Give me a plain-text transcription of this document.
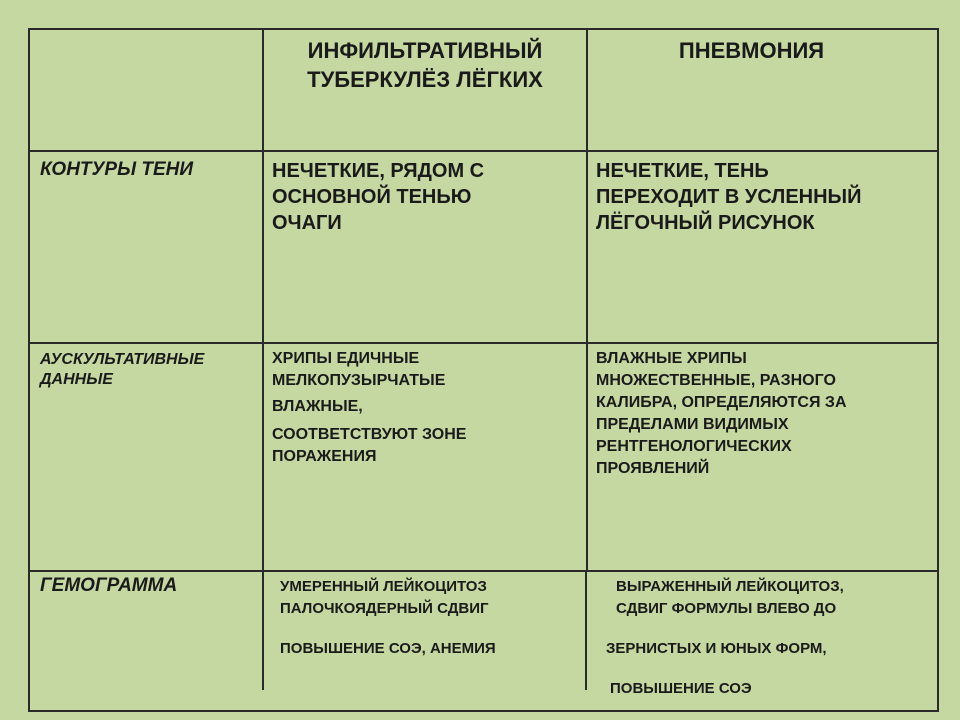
ИНФИЛЬТРАТИВНЫЙ
ТУБЕРКУЛЁЗ ЛЁГКИХ
ПНЕВМОНИЯ
КОНТУРЫ ТЕНИ	НЕЧЕТКИЕ, РЯДОМ С
ОСНОВНОЙ ТЕНЬЮ
ОЧАГИ
НЕЧЕТКИЕ, ТЕНЬ
ПЕРЕХОДИТ В УСЛЕННЫЙ
ЛЁГОЧНЫЙ РИСУНОК
АУСКУЛЬТАТИВНЫЕ
ДАННЫЕ
ХРИПЫ ЕДИЧНЫЕ
МЕЛКОПУЗЫРЧАТЫЕ
ВЛАЖНЫЕ,
СООТВЕТСТВУЮТ ЗОНЕ
ПОРАЖЕНИЯ
ВЛАЖНЫЕ ХРИПЫ
МНОЖЕСТВЕННЫЕ, РАЗНОГО
КАЛИБРА, ОПРЕДЕЛЯЮТСЯ ЗА
ПРЕДЕЛАМИ ВИДИМЫХ
РЕНТГЕНОЛОГИЧЕСКИХ
ПРОЯВЛЕНИЙ
ГЕМОГРАММА	УМЕРЕННЫЙ ЛЕЙКОЦИТОЗ
ПАЛОЧКОЯДЕРНЫЙ СДВИГ
ПОВЫШЕНИЕ СОЭ, АНЕМИЯ
ВЫРАЖЕННЫЙ ЛЕЙКОЦИТОЗ,
СДВИГ ФОРМУЛЫ ВЛЕВО ДО
ЗЕРНИСТЫХ И ЮНЫХ ФОРМ,
ПОВЫШЕНИЕ СОЭ
